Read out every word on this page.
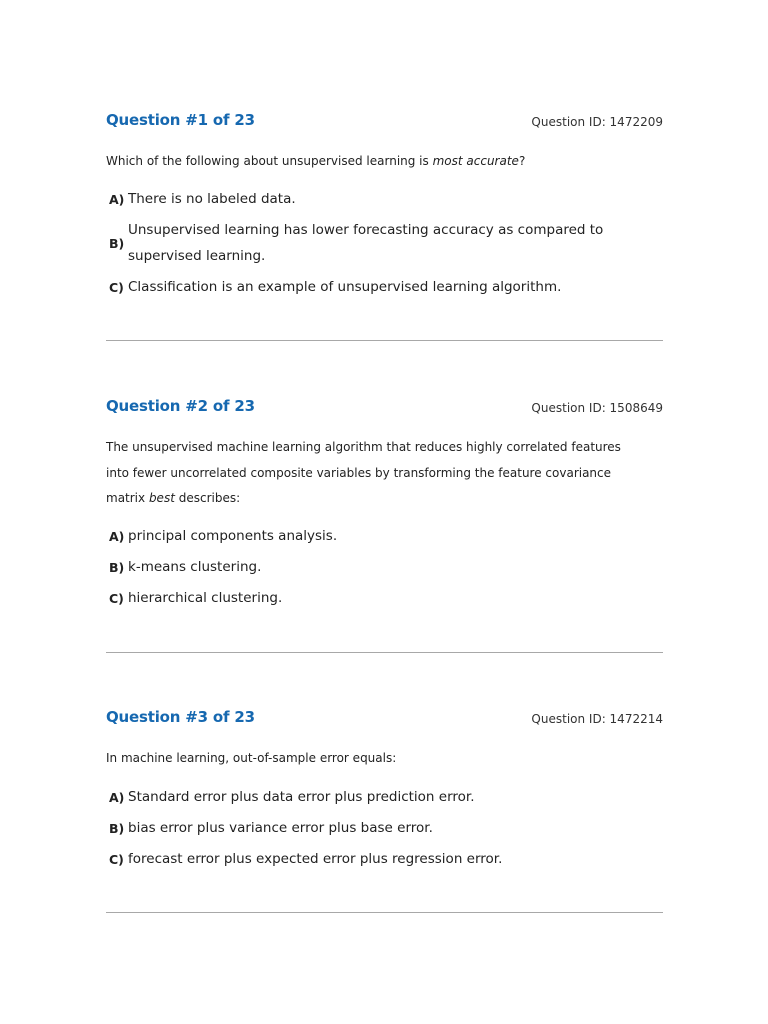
Question #1 of 23	Question ID: 1472209
Which of the following about unsupervised learning is most accurate?
A) There is no labeled data.
B)
Unsupervised learning has lower forecasting accuracy as compared to supervised learning.
C) Classification is an example of unsupervised learning algorithm.
Question #2 of 23	Question ID: 1508649
The unsupervised machine learning algorithm that reduces highly correlated features into fewer uncorrelated composite variables by transforming the feature covariance matrix best describes:
A) principal components analysis.
B) k-means clustering.
C) hierarchical clustering.
Question #3 of 23	Question ID: 1472214
In machine learning, out-of-sample error equals:
A) Standard error plus data error plus prediction error.
B) bias error plus variance error plus base error.
C) forecast error plus expected error plus regression error.
